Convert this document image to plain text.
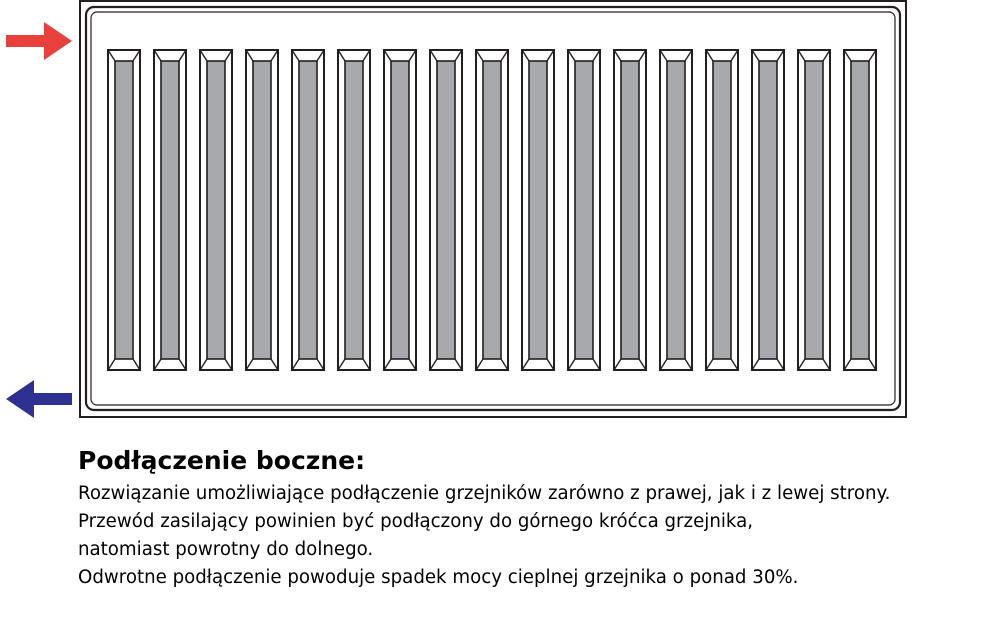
Podłączenie boczne:
Rozwiązanie umożliwiające podłączenie grzejników zarówno z prawej, jak i z lewej strony.
Przewód zasilający powinien być podłączony do górnego króćca grzejnika,
natomiast powrotny do dolnego.
Odwrotne podłączenie powoduje spadek mocy cieplnej grzejnika o ponad 30%.
